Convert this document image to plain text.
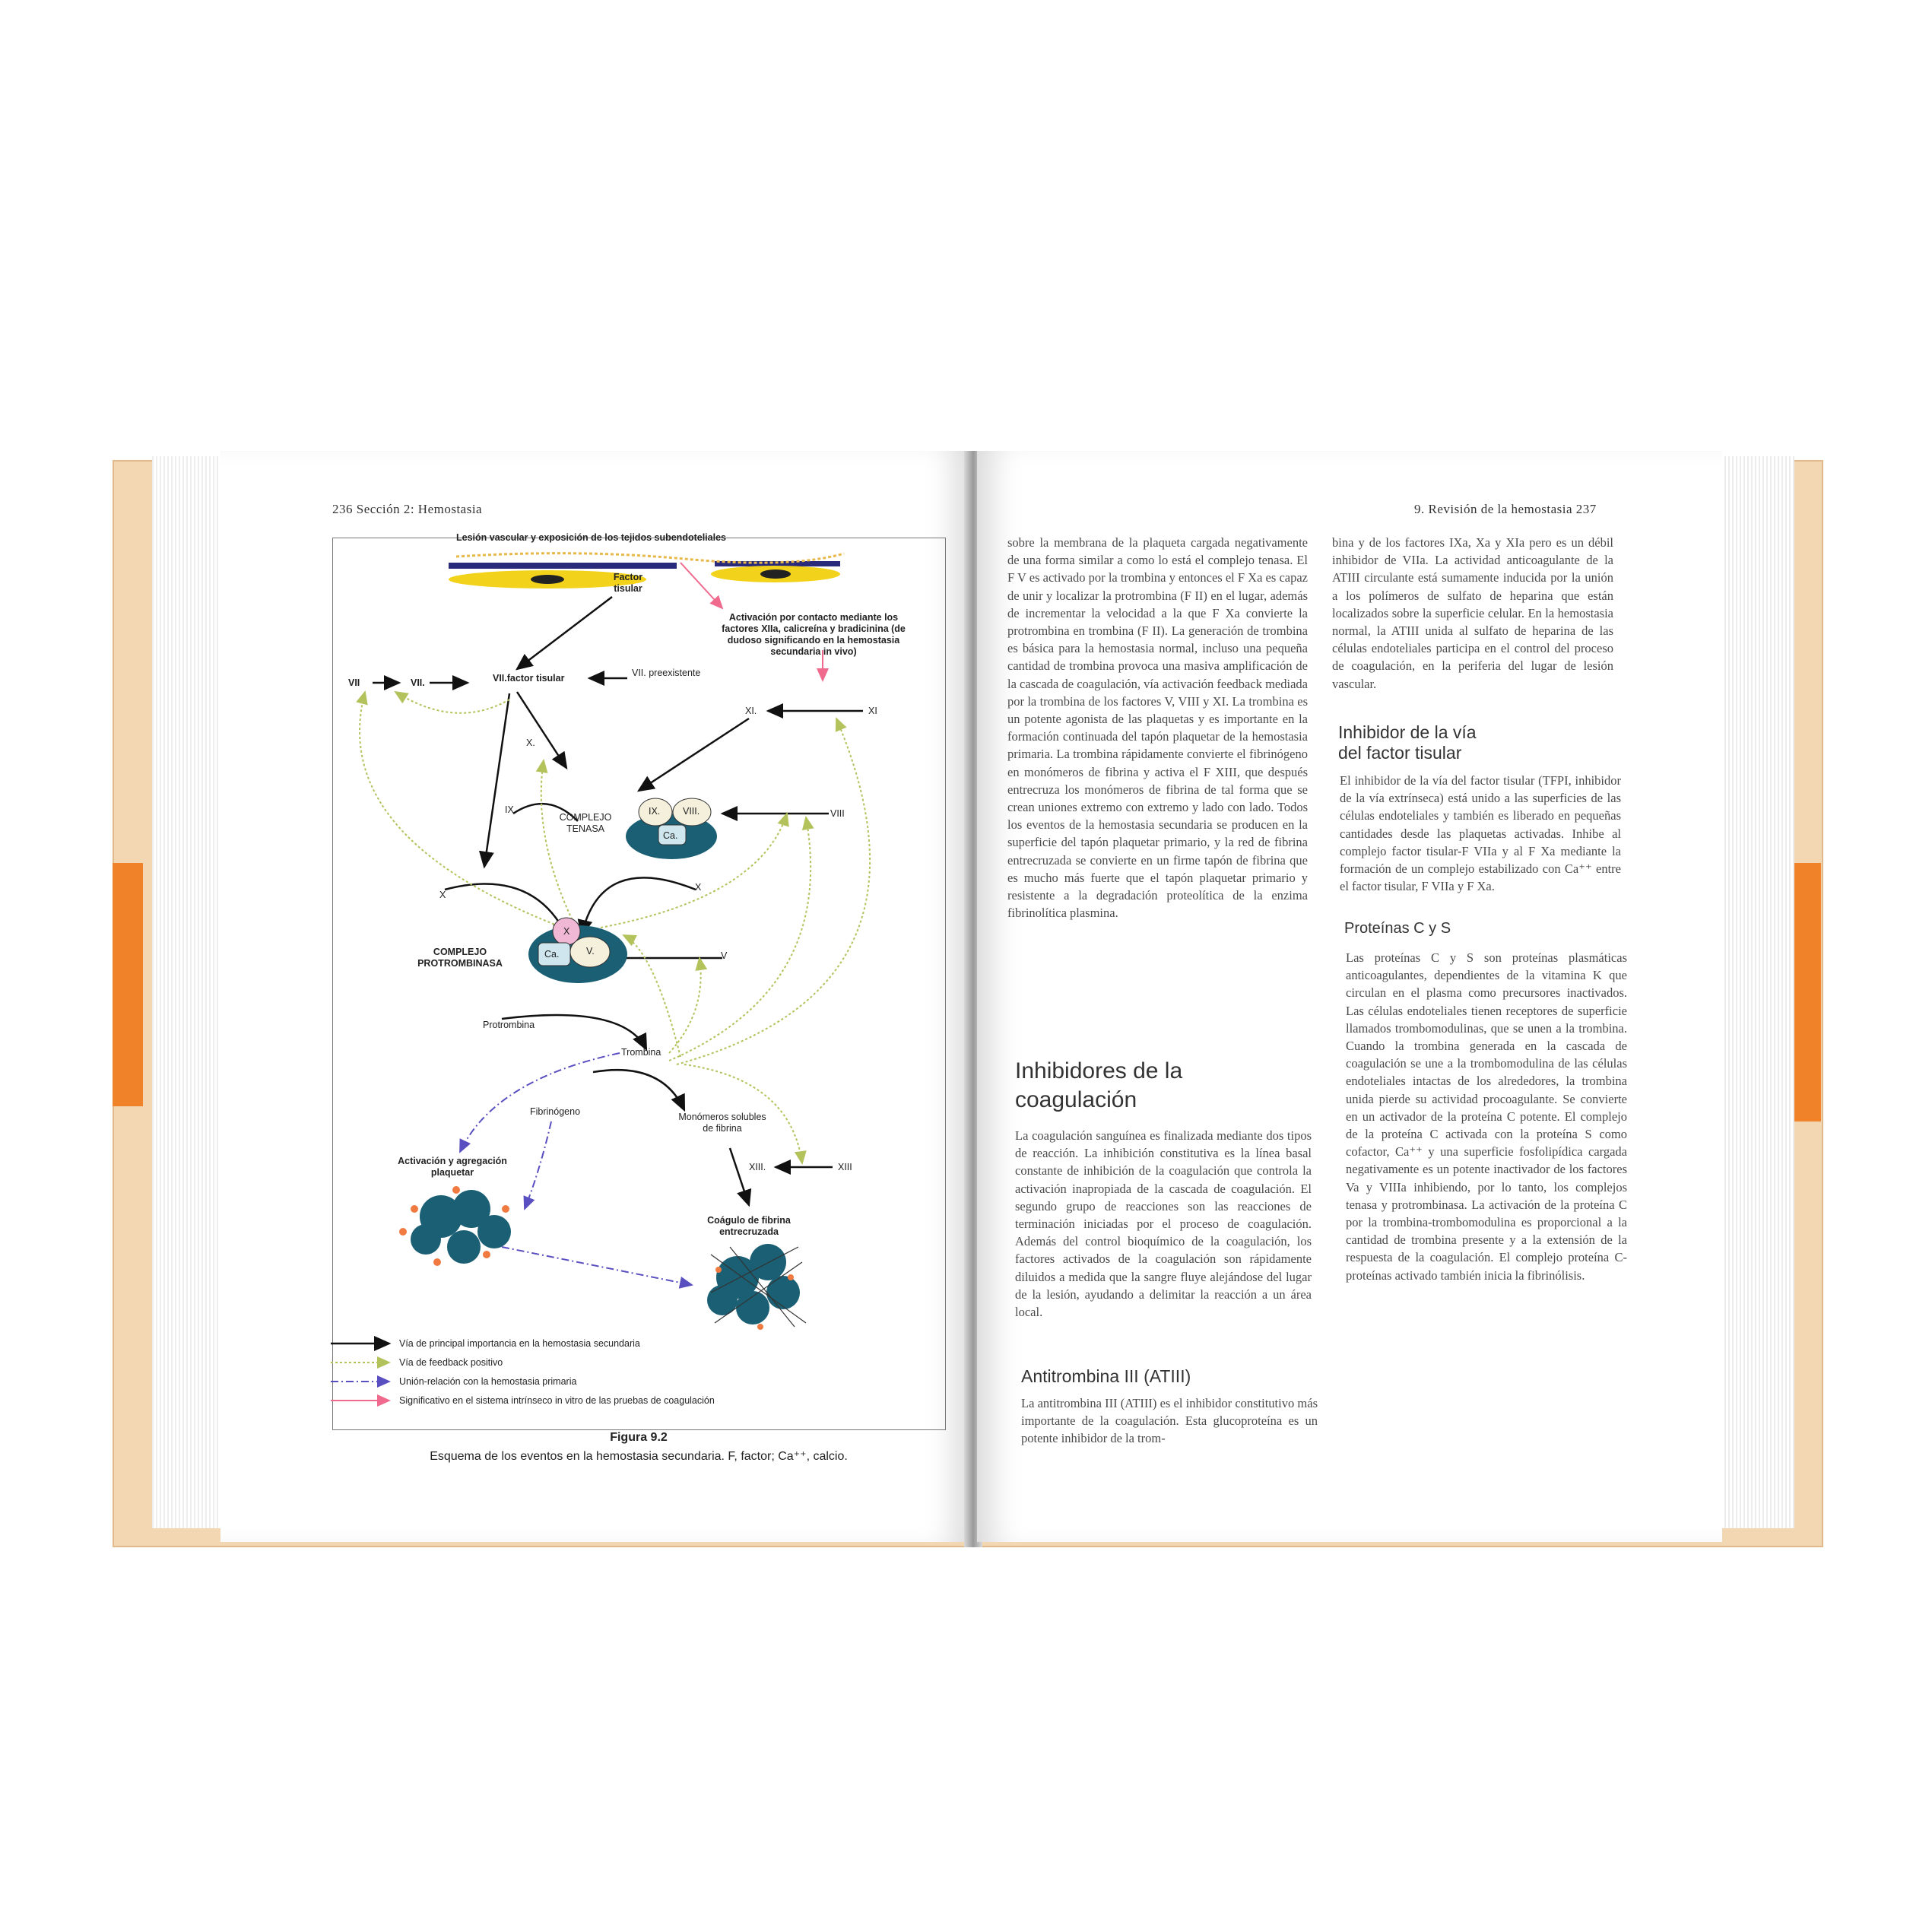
236 Sección 2: Hemostasia
Lesión vascular y exposición de los tejidos subendoteliales
Factor tisular
Activación por contacto mediante los factores XIIa, calicreína y bradicinina (de dudoso significando en la hemostasia secundaria in vivo)
VII	VII.	VII.factor tisular	VII. preexistente
XI.	XI
X.
IX
COMPLEJO TENASA
IX. VIII.
Ca.
VIII
X
X
X
COMPLEJO PROTROMBINASA
Ca.	V.	V
Protrombina
Trombina
Fibrinógeno	Monómeros solubles de fibrina
Activación y agregación plaquetar	XIII.	XIII
Coágulo de fibrina entrecruzada
Vía de principal importancia en la hemostasia secundaria
Vía de feedback positivo
Unión-relación con la hemostasia primaria
Significativo en el sistema intrínseco in vitro de las pruebas de coagulación
Figura 9.2
Esquema de los eventos en la hemostasia secundaria. F, factor; Ca⁺⁺, calcio.
9. Revisión de la hemostasia 237

sobre la membrana de la plaqueta cargada negativamente de una forma similar a como lo está el complejo tenasa. El F V es activado por la trombina y entonces el F Xa es capaz de unir y localizar la protrombina (F II) en el lugar, además de incrementar la velocidad a la que F Xa convierte la protrombina en trombina (F II). La generación de trombina es básica para la hemostasia normal, incluso una pequeña cantidad de trombina provoca una masiva amplificación de la cascada de coagulación, vía activación feedback mediada por la trombina de los factores V, VIII y XI. La trombina es un potente agonista de las plaquetas y es importante en la formación continuada del tapón plaquetar de la hemostasia primaria. La trombina rápidamente convierte el fibrinógeno en monómeros de fibrina y activa el F XIII, que después entrecruza los monómeros de fibrina de tal forma que se crean uniones extremo con extremo y lado con lado. Todos los eventos de la hemostasia secundaria se producen en la superficie del tapón plaquetar primario, y la red de fibrina entrecruzada se convierte en un firme tapón de fibrina que es mucho más fuerte que el tapón plaquetar primario y resistente a la degradación proteolítica de la enzima fibrinolítica plasmina.

Inhibidores de la coagulación

La coagulación sanguínea es finalizada mediante dos tipos de reacción. La inhibición constitutiva es la línea basal constante de inhibición de la coagulación que controla la activación inapropiada de la cascada de coagulación. El segundo grupo de reacciones son las reacciones de terminación iniciadas por el proceso de coagulación. Además del control bioquímico de la coagulación, los factores activados de la coagulación son rápidamente diluidos a medida que la sangre fluye alejándose del lugar de la lesión, ayudando a delimitar la reacción a un área local.

Antitrombina III (ATIII)

La antitrombina III (ATIII) es el inhibidor constitutivo más importante de la coagulación. Esta glucoproteína es un potente inhibidor de la trom-

bina y de los factores IXa, Xa y XIa pero es un débil inhibidor de VIIa. La actividad anticoagulante de la ATIII circulante está sumamente inducida por la unión a los polímeros de sulfato de heparina que están localizados sobre la superficie celular. En la hemostasia normal, la ATIII unida al sulfato de heparina de las células endoteliales participa en el control del proceso de coagulación, en la periferia del lugar de lesión vascular.

Inhibidor de la vía
del factor tisular

El inhibidor de la vía del factor tisular (TFPI, inhibidor de la vía extrínseca) está unido a las superficies de las células endoteliales y también es liberado en pequeñas cantidades desde las plaquetas activadas. Inhibe al complejo factor tisular-F VIIa y al F Xa mediante la formación de un complejo estabilizado con Ca⁺⁺ entre el factor tisular, F VIIa y F Xa.

Proteínas C y S

Las proteínas C y S son proteínas plasmáticas anticoagulantes, dependientes de la vitamina K que circulan en el plasma como precursores inactivados. Las células endoteliales tienen receptores de superficie llamados trombomodulinas, que se unen a la trombina. Cuando la trombina generada en la cascada de coagulación se une a la trombomodulina de las células endoteliales intactas de los alrededores, la trombina unida pierde su actividad procoagulante. Se convierte en un activador de la proteína C potente. El complejo de la proteína C activada con la proteína S como cofactor, Ca⁺⁺ y una superficie fosfolipídica cargada negativamente es un potente inactivador de los factores Va y VIIIa inhibiendo, por lo tanto, los complejos tenasa y protrombinasa. La activación de la proteína C por la trombina-trombomodulina es proporcional a la cantidad de trombina presente y a la extensión de la respuesta de la coagulación. El complejo proteína C-proteínas activado también inicia la fibrinólisis.
